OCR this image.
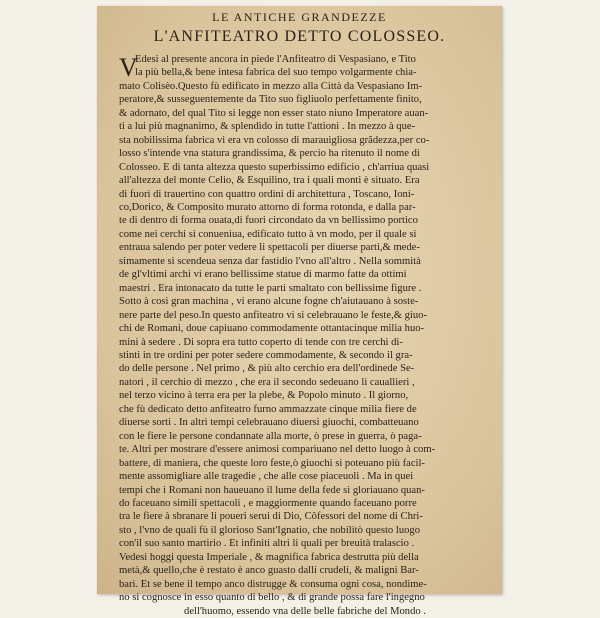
LE ANTICHE GRANDEZZE
L'ANFITEATRO DETTO COLOSSEO.
V
Edesi al presente ancora in piede l'Anfiteatro di Vespasiano, e Tito
la più bella,& bene intesa fabrica del suo tempo volgarmente chia-
mato Colisèo.Questo fù edificato in mezzo alla Città da Vespasiano Im-
peratore,& susseguentemente da Tito suo figliuolo perfettamente finito,
& adornato, del qual Tito si legge non esser stato niuno Imperatore auan-
ti a lui più magnanimo, & splendido in tutte l'attioni . In mezzo à que-
sta nobilissima fabrica vi era vn colosso di marauigliosa grãdezza,per co-
losso s'intende vna statura grandissima, & percio ha ritenuto il nome di
Colosseo. E di tanta altezza questo superbissimo edificio , ch'arriua quasi
all'altezza del monte Celio, & Esquilino, tra i quali monti è situato. Era
di fuori di trauertino con quattro ordini di architettura , Toscano, Ioni-
co,Dorico, & Composito murato attorno di forma rotonda, e dalla par-
te di dentro di forma ouata,di fuori circondato da vn bellissimo portico
come nei cerchi si conueniua, edificato tutto à vn modo, per il quale si
entraua salendo per poter vedere li spettacoli per diuerse parti,& mede-
simamente si scendeua senza dar fastidio l'vno all'altro . Nella sommità
de gl'vltimi archi vi erano bellissime statue di marmo fatte da ottimi
maestri . Era intonacato da tutte le parti smaltato con bellissime figure .
Sotto à così gran machina , vi erano alcune fogne ch'aiutauano à soste-
nere parte del peso.In questo anfiteatro vi si celebrauano le feste,& giuo-
chi de Romani, doue capiuano commodamente ottantacinque milia huo-
mini à sedere . Di sopra era tutto coperto di tende con tre cerchi di-
stinti in tre ordini per poter sedere commodamente, & secondo il gra-
do delle persone . Nel primo , & più alto cerchio era dell'ordinede Se-
natori , il cerchio di mezzo , che era il secondo sedeuano li cauallieri ,
nel terzo vicino à terra era per la plebe, & Popolo minuto . Il giorno,
che fù dedicato detto anfiteatro furno ammazzate cinque milia fiere de
diuerse sorti . In altri tempi celebrauano diuersi giuochi, combatteuano
con le fiere le persone condannate alla morte, ò prese in guerra, ò paga-
te. Altri per mostrare d'essere animosi compariuano nel detto luogo à com-
battere, di maniera, che queste loro feste,ò giuochi si poteuano più facil-
mente assomigliare alle tragedie , che alle cose piaceuoli . Ma in quei
tempi che i Romani non haueuano il lume della fede si gloriauano quan-
do faceuano simili spettacoli , e maggiormente quando faceuano porre
tra le fiere à sbranare li poueri serui di Dio, Côfessori del nome di Chri-
sto , l'vno de quali fù il glorioso Sant'Ignatio, che nobilitò questo luogo
con'il suo santo martirio . Et infiniti altri li quali per breuità tralascio .
Vedesi hoggi questa Imperiale , & magnifica fabrica destrutta più della
metà,& quello,che è restato è anco guasto dalli crudeli, & maligni Bar-
bari. Et se bene il tempo anco distrugge & consuma ogni cosa, nondime-
no si cognosce in esso quanto di bello , & di grande possa fare l'ingegno
dell'huomo, essendo vna delle belle fabriche del Mondo .
